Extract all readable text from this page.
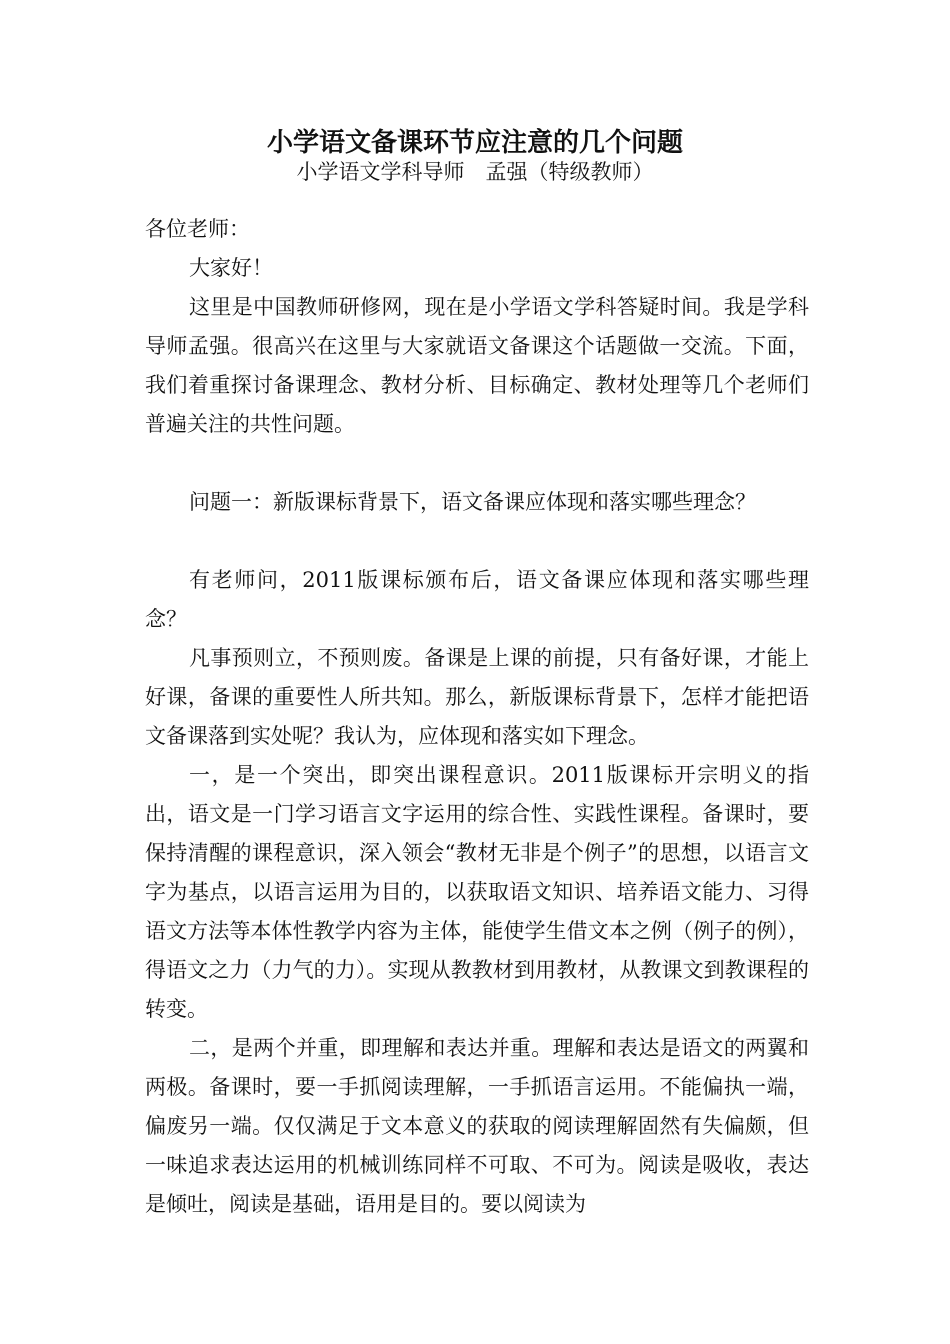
小学语文备课环节应注意的几个问题
小学语文学科导师　孟强（特级教师）

各位老师：

大家好！

这里是中国教师研修网，现在是小学语文学科答疑时间。我是学科导师孟强。很高兴在这里与大家就语文备课这个话题做一交流。下面，我们着重探讨备课理念、教材分析、目标确定、教材处理等几个老师们普遍关注的共性问题。

问题一：新版课标背景下，语文备课应体现和落实哪些理念？

有老师问，2011版课标颁布后，语文备课应体现和落实哪些理念？

凡事预则立，不预则废。备课是上课的前提，只有备好课，才能上好课，备课的重要性人所共知。那么，新版课标背景下，怎样才能把语文备课落到实处呢？我认为，应体现和落实如下理念。

一，是一个突出，即突出课程意识。2011版课标开宗明义的指出，语文是一门学习语言文字运用的综合性、实践性课程。备课时，要保持清醒的课程意识，深入领会“教材无非是个例子”的思想，以语言文字为基点，以语言运用为目的，以获取语文知识、培养语文能力、习得语文方法等本体性教学内容为主体，能使学生借文本之例（例子的例），得语文之力（力气的力）。实现从教教材到用教材，从教课文到教课程的转变。

二，是两个并重，即理解和表达并重。理解和表达是语文的两翼和两极。备课时，要一手抓阅读理解，一手抓语言运用。不能偏执一端，偏废另一端。仅仅满足于文本意义的获取的阅读理解固然有失偏颇，但一味追求表达运用的机械训练同样不可取、不可为。阅读是吸收，表达是倾吐，阅读是基础，语用是目的。要以阅读为
